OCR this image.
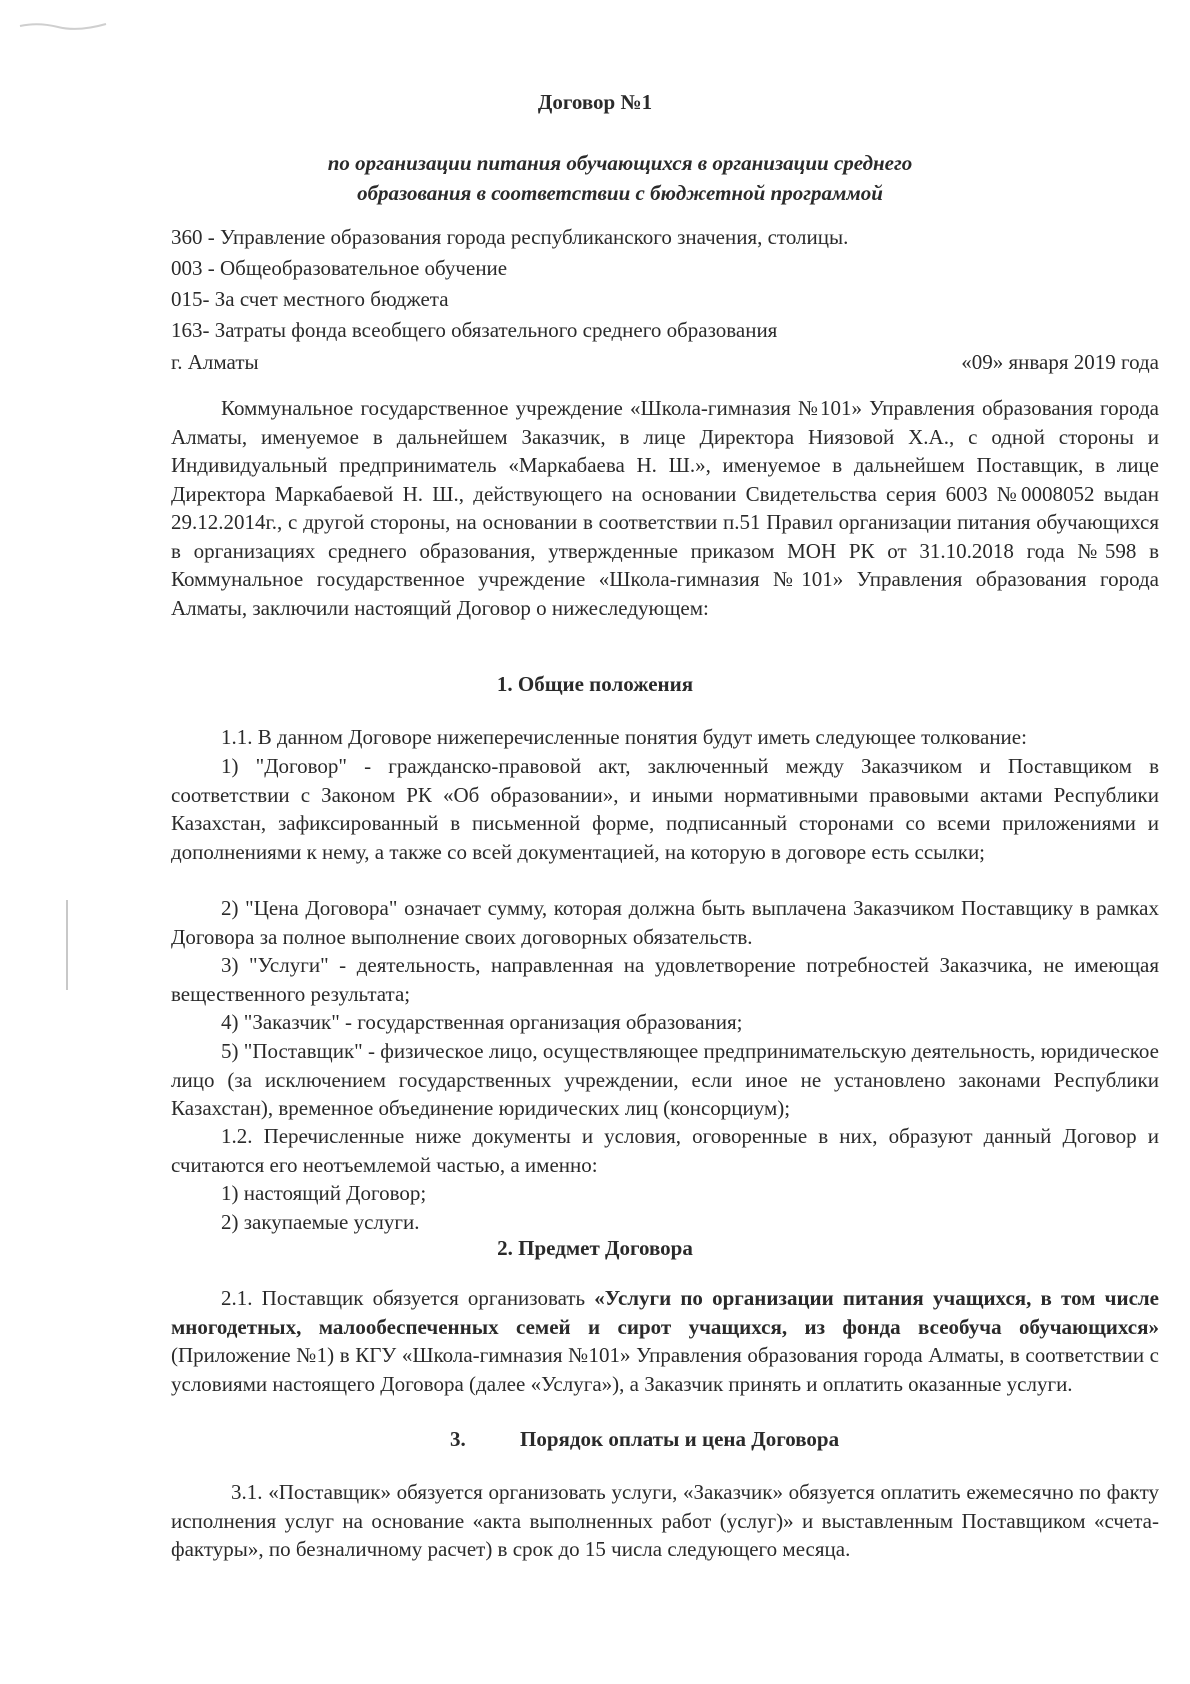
Договор №1
по организации питания обучающихся в организации среднего
образования в соответствии с бюджетной программой
360 - Управление образования города республиканского значения, столицы.
003 - Общеобразовательное обучение
015- За счет местного бюджета
163- Затраты фонда всеобщего обязательного среднего образования
г. Алматы	«09» января 2019 года
Коммунальное государственное учреждение «Школа-гимназия №101» Управления образования города Алматы, именуемое в дальнейшем Заказчик, в лице Директора Ниязовой Х.А., с одной стороны и Индивидуальный предприниматель «Маркабаева Н. Ш.», именуемое в дальнейшем Поставщик, в лице Директора Маркабаевой Н. Ш., действующего на основании Свидетельства серия 6003 №0008052 выдан 29.12.2014г., с другой стороны, на основании в соответствии п.51 Правил организации питания обучающихся в организациях среднего образования, утвержденные приказом МОН РК от 31.10.2018 года №598 в Коммунальное государственное учреждение «Школа-гимназия №101» Управления образования города Алматы, заключили настоящий Договор о нижеследующем:
1. Общие положения
1.1. В данном Договоре нижеперечисленные понятия будут иметь следующее толкование:
1) "Договор" - гражданско-правовой акт, заключенный между Заказчиком и Поставщиком в соответствии с Законом РК «Об образовании», и иными нормативными правовыми актами Республики Казахстан, зафиксированный в письменной форме, подписанный сторонами со всеми приложениями и дополнениями к нему, а также со всей документацией, на которую в договоре есть ссылки;
2) "Цена Договора" означает сумму, которая должна быть выплачена Заказчиком Поставщику в рамках Договора за полное выполнение своих договорных обязательств.
3) "Услуги" - деятельность, направленная на удовлетворение потребностей Заказчика, не имеющая вещественного результата;
4) "Заказчик" - государственная организация образования;
5) "Поставщик" - физическое лицо, осуществляющее предпринимательскую деятельность, юридическое лицо (за исключением государственных учреждении, если иное не установлено законами Республики Казахстан), временное объединение юридических лиц (консорциум);
1.2. Перечисленные ниже документы и условия, оговоренные в них, образуют данный Договор и считаются его неотъемлемой частью, а именно:
1) настоящий Договор;
2) закупаемые услуги.
2. Предмет Договора
2.1. Поставщик обязуется организовать «Услуги по организации питания учащихся, в том числе многодетных, малообеспеченных семей и сирот учащихся, из фонда всеобуча обучающихся» (Приложение №1) в КГУ «Школа-гимназия №101» Управления образования города Алматы, в соответствии с условиями настоящего Договора (далее «Услуга»), а Заказчик принять и оплатить оказанные услуги.
3.	Порядок оплаты и цена Договора
3.1. «Поставщик» обязуется организовать услуги, «Заказчик» обязуется оплатить ежемесячно по факту исполнения услуг на основание «акта выполненных работ (услуг)» и выставленным Поставщиком «счета-фактуры», по безналичному расчет) в срок до 15 числа следующего месяца.
